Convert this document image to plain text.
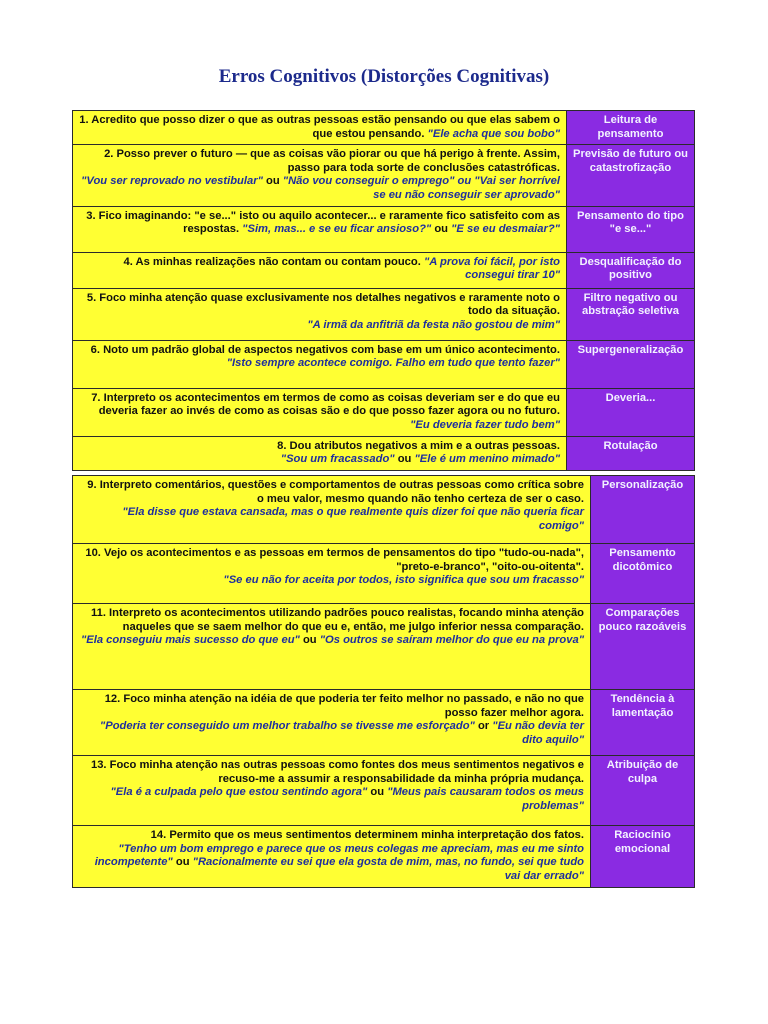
Erros Cognitivos (Distorções Cognitivas)
1. Acredito que posso dizer o que as outras pessoas estão pensando ou que elas sabem o que estou pensando. "Ele acha que sou bobo"	Leitura de pensamento
2. Posso prever o futuro — que as coisas vão piorar ou que há perigo à frente. Assim, passo para toda sorte de conclusões catastróficas.
"Vou ser reprovado no vestibular" ou "Não vou conseguir o emprego" ou "Vai ser horrível se eu não conseguir ser aprovado"	Previsão de futuro ou catastrofização
3. Fico imaginando: "e se..." isto ou aquilo acontecer... e raramente fico satisfeito com as respostas. "Sim, mas... e se eu ficar ansioso?" ou "E se eu desmaiar?"	Pensamento do tipo "e se..."
4. As minhas realizações não contam ou contam pouco. "A prova foi fácil, por isto consegui tirar 10"	Desqualificação do positivo
5. Foco minha atenção quase exclusivamente nos detalhes negativos e raramente noto o todo da situação.
"A irmã da anfitriã da festa não gostou de mim"	Filtro negativo ou abstração seletiva
6. Noto um padrão global de aspectos negativos com base em um único acontecimento.
"Isto sempre acontece comigo. Falho em tudo que tento fazer"	Supergeneralização
7. Interpreto os acontecimentos em termos de como as coisas deveriam ser e do que eu deveria fazer ao invés de como as coisas são e do que posso fazer agora ou no futuro. "Eu deveria fazer tudo bem"	Deveria...
8. Dou atributos negativos a mim e a outras pessoas.
"Sou um fracassado" ou "Ele é um menino mimado"	Rotulação
9. Interpreto comentários, questões e comportamentos de outras pessoas como crítica sobre o meu valor, mesmo quando não tenho certeza de ser o caso.
"Ela disse que estava cansada, mas o que realmente quis dizer foi que não queria ficar comigo"	Personalização
10. Vejo os acontecimentos e as pessoas em termos de pensamentos do tipo "tudo-ou-nada", "preto-e-branco", "oito-ou-oitenta".
"Se eu não for aceita por todos, isto significa que sou um fracasso"	Pensamento dicotômico
11. Interpreto os acontecimentos utilizando padrões pouco realistas, focando minha atenção naqueles que se saem melhor do que eu e, então, me julgo inferior nessa comparação.
"Ela conseguiu mais sucesso do que eu" ou "Os outros se saíram melhor do que eu na prova"	Comparações pouco razoáveis
12. Foco minha atenção na idéia de que poderia ter feito melhor no passado, e não no que posso fazer melhor agora.
"Poderia ter conseguido um melhor trabalho se tivesse me esforçado" or "Eu não devia ter dito aquilo"	Tendência à lamentação
13. Foco minha atenção nas outras pessoas como fontes dos meus sentimentos negativos e recuso-me a assumir a responsabilidade da minha própria mudança.
"Ela é a culpada pelo que estou sentindo agora" ou "Meus pais causaram todos os meus problemas"	Atribuição de culpa
14. Permito que os meus sentimentos determinem minha interpretação dos fatos.
"Tenho um bom emprego e parece que os meus colegas me apreciam, mas eu me sinto incompetente" ou "Racionalmente eu sei que ela gosta de mim, mas, no fundo, sei que tudo vai dar errado"	Raciocínio emocional
